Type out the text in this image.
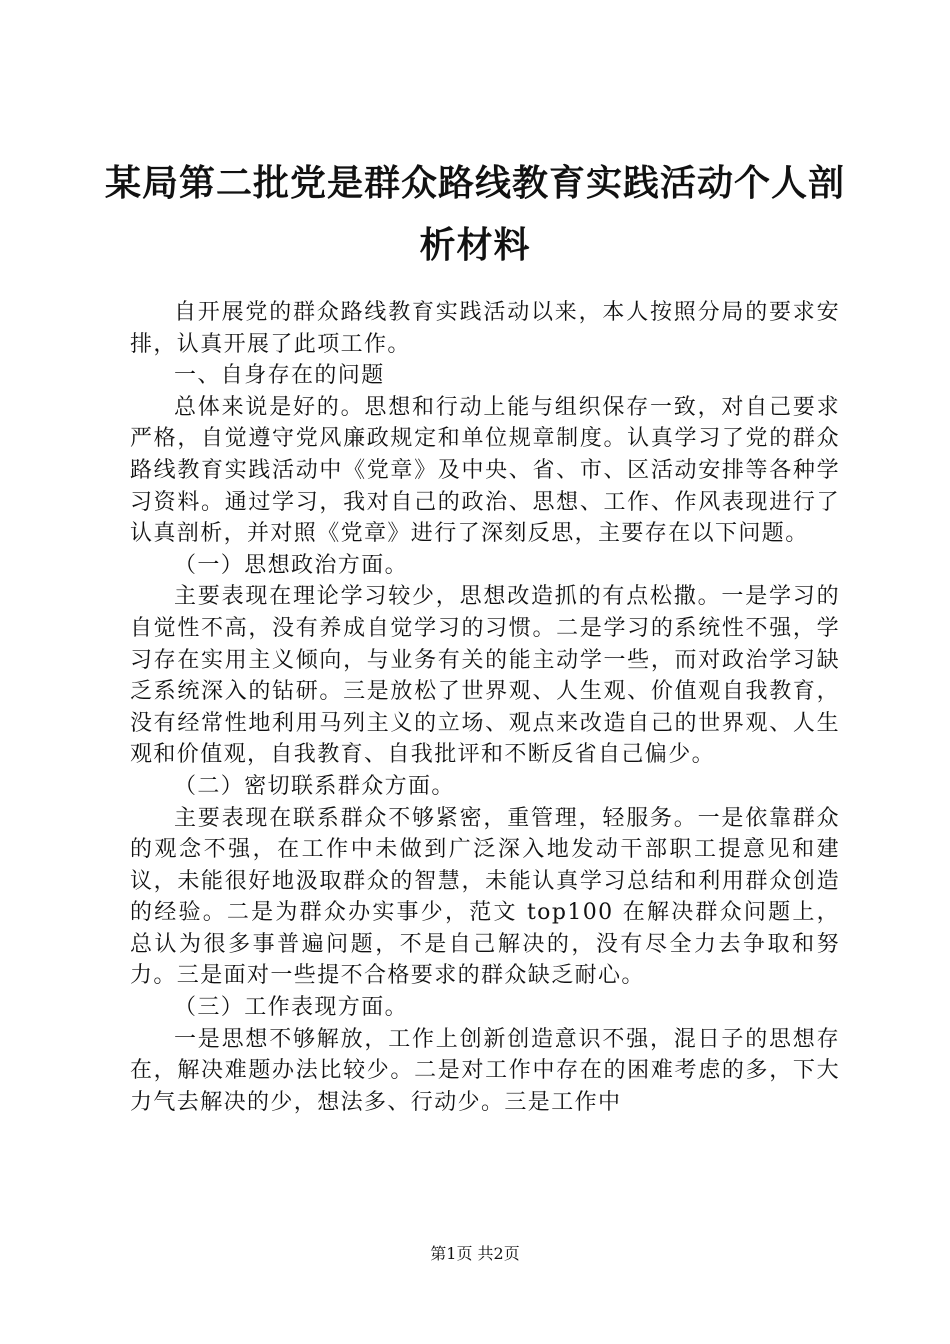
某局第二批党是群众路线教育实践活动个人剖
析材料

自开展党的群众路线教育实践活动以来，本人按照分局的要求安排，认真开展了此项工作。

一、自身存在的问题

总体来说是好的。思想和行动上能与组织保存一致，对自己要求严格，自觉遵守党风廉政规定和单位规章制度。认真学习了党的群众路线教育实践活动中《党章》及中央、省、市、区活动安排等各种学习资料。通过学习，我对自己的政治、思想、工作、作风表现进行了认真剖析，并对照《党章》进行了深刻反思，主要存在以下问题。

（一）思想政治方面。

主要表现在理论学习较少，思想改造抓的有点松撒。一是学习的自觉性不高，没有养成自觉学习的习惯。二是学习的系统性不强，学习存在实用主义倾向，与业务有关的能主动学一些，而对政治学习缺乏系统深入的钻研。三是放松了世界观、人生观、价值观自我教育，没有经常性地利用马列主义的立场、观点来改造自己的世界观、人生观和价值观，自我教育、自我批评和不断反省自己偏少。

（二）密切联系群众方面。

主要表现在联系群众不够紧密，重管理，轻服务。一是依靠群众的观念不强，在工作中未做到广泛深入地发动干部职工提意见和建议，未能很好地汲取群众的智慧，未能认真学习总结和利用群众创造的经验。二是为群众办实事少，范文 top100 在解决群众问题上，总认为很多事普遍问题，不是自己解决的，没有尽全力去争取和努力。三是面对一些提不合格要求的群众缺乏耐心。

（三）工作表现方面。

一是思想不够解放，工作上创新创造意识不强，混日子的思想存在，解决难题办法比较少。二是对工作中存在的困难考虑的多，下大力气去解决的少，想法多、行动少。三是工作中

第1页 共2页
